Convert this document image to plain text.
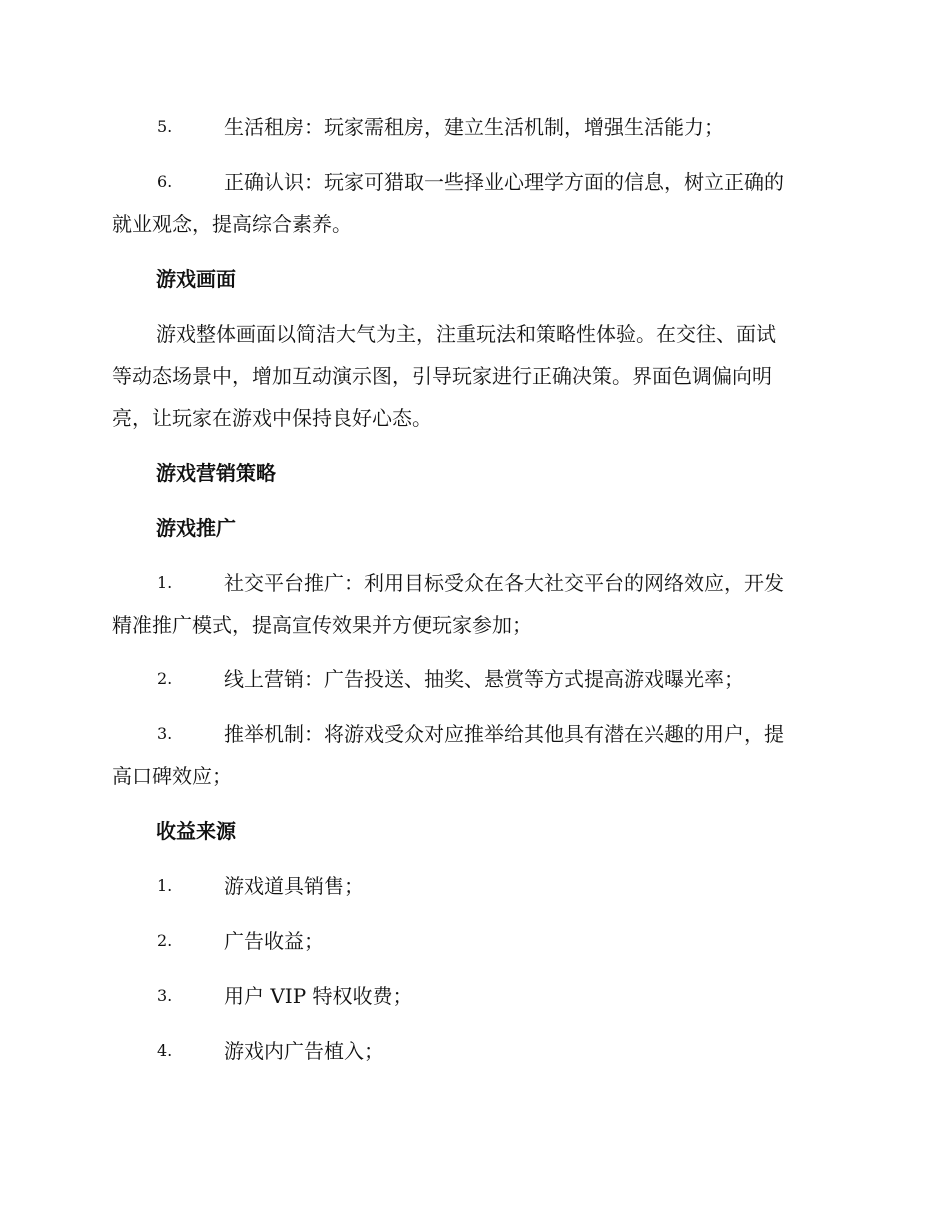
5.	生活租房：玩家需租房，建立生活机制，增强生活能力；
6.	正确认识：玩家可猎取一些择业心理学方面的信息，树立正确的
就业观念，提高综合素养。
游戏画面
游戏整体画面以简洁大气为主，注重玩法和策略性体验。在交往、面试
等动态场景中，增加互动演示图，引导玩家进行正确决策。界面色调偏向明
亮，让玩家在游戏中保持良好心态。
游戏营销策略
游戏推广
1.	社交平台推广：利用目标受众在各大社交平台的网络效应，开发
精准推广模式，提高宣传效果并方便玩家参加；
2.	线上营销：广告投送、抽奖、悬赏等方式提高游戏曝光率；
3.	推举机制：将游戏受众对应推举给其他具有潜在兴趣的用户，提
高口碑效应；
收益来源
1.	游戏道具销售；
2.	广告收益；
3.	用户 VIP 特权收费；
4.	游戏内广告植入；
